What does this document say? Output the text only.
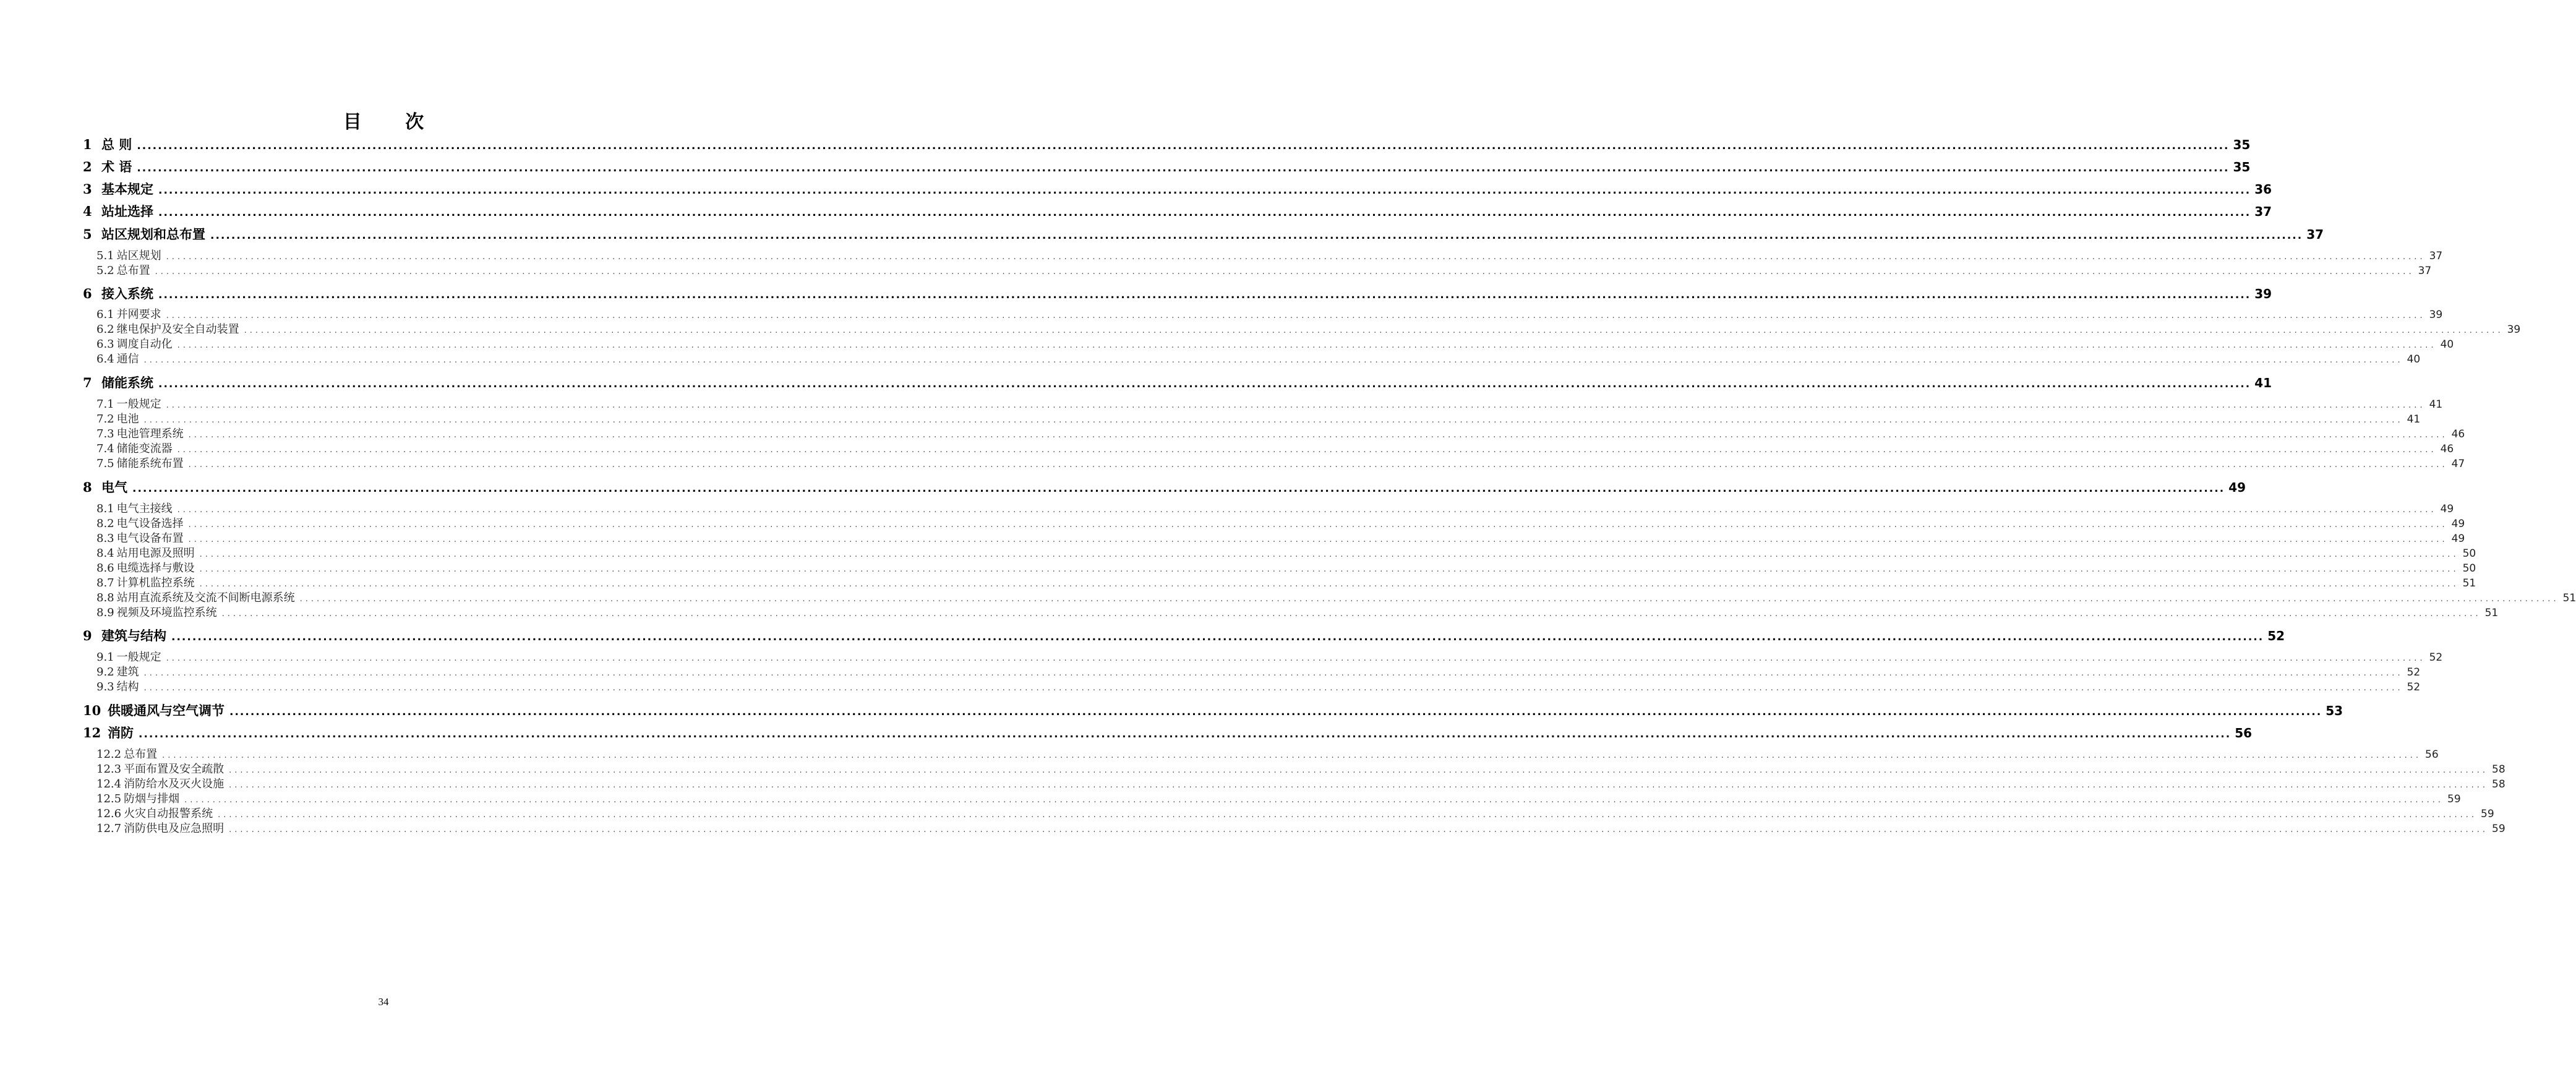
目 次
1 总 则 ................................................................................................................................................................................................................................................................................................................................................................................................................ 35
2 术 语 ................................................................................................................................................................................................................................................................................................................................................................................................................ 35
3 基本规定 ................................................................................................................................................................................................................................................................................................................................................................................................................ 36
4 站址选择 ................................................................................................................................................................................................................................................................................................................................................................................................................ 37
5 站区规划和总布置 ................................................................................................................................................................................................................................................................................................................................................................................................................ 37
5.1 站区规划 ................................................................................................................................................................................................................................................................................................................................................................................................................ 37
5.2 总布置 ................................................................................................................................................................................................................................................................................................................................................................................................................ 37
6 接入系统 ................................................................................................................................................................................................................................................................................................................................................................................................................ 39
6.1 并网要求 ................................................................................................................................................................................................................................................................................................................................................................................................................ 39
6.2 继电保护及安全自动装置 ................................................................................................................................................................................................................................................................................................................................................................................................................ 39
6.3 调度自动化 ................................................................................................................................................................................................................................................................................................................................................................................................................ 40
6.4 通信 ................................................................................................................................................................................................................................................................................................................................................................................................................ 40
7 储能系统 ................................................................................................................................................................................................................................................................................................................................................................................................................ 41
7.1 一般规定 ................................................................................................................................................................................................................................................................................................................................................................................................................ 41
7.2 电池 ................................................................................................................................................................................................................................................................................................................................................................................................................ 41
7.3 电池管理系统 ................................................................................................................................................................................................................................................................................................................................................................................................................ 46
7.4 储能变流器 ................................................................................................................................................................................................................................................................................................................................................................................................................ 46
7.5 储能系统布置 ................................................................................................................................................................................................................................................................................................................................................................................................................ 47
8 电气 ................................................................................................................................................................................................................................................................................................................................................................................................................ 49
8.1 电气主接线 ................................................................................................................................................................................................................................................................................................................................................................................................................ 49
8.2 电气设备选择 ................................................................................................................................................................................................................................................................................................................................................................................................................ 49
8.3 电气设备布置 ................................................................................................................................................................................................................................................................................................................................................................................................................ 49
8.4 站用电源及照明 ................................................................................................................................................................................................................................................................................................................................................................................................................ 50
8.6 电缆选择与敷设 ................................................................................................................................................................................................................................................................................................................................................................................................................ 50
8.7 计算机监控系统 ................................................................................................................................................................................................................................................................................................................................................................................................................ 51
8.8 站用直流系统及交流不间断电源系统 ................................................................................................................................................................................................................................................................................................................................................................................................................ 51
8.9 视频及环境监控系统 ................................................................................................................................................................................................................................................................................................................................................................................................................ 51
9 建筑与结构 ................................................................................................................................................................................................................................................................................................................................................................................................................ 52
9.1 一般规定 ................................................................................................................................................................................................................................................................................................................................................................................................................ 52
9.2 建筑 ................................................................................................................................................................................................................................................................................................................................................................................................................ 52
9.3 结构 ................................................................................................................................................................................................................................................................................................................................................................................................................ 52
10 供暖通风与空气调节 ................................................................................................................................................................................................................................................................................................................................................................................................................ 53
12 消防 ................................................................................................................................................................................................................................................................................................................................................................................................................ 56
12.2 总布置 ................................................................................................................................................................................................................................................................................................................................................................................................................ 56
12.3 平面布置及安全疏散 ................................................................................................................................................................................................................................................................................................................................................................................................................ 58
12.4 消防给水及灭火设施 ................................................................................................................................................................................................................................................................................................................................................................................................................ 58
12.5 防烟与排烟 ................................................................................................................................................................................................................................................................................................................................................................................................................ 59
12.6 火灾自动报警系统 ................................................................................................................................................................................................................................................................................................................................................................................................................ 59
12.7 消防供电及应急照明 ................................................................................................................................................................................................................................................................................................................................................................................................................ 59
34
